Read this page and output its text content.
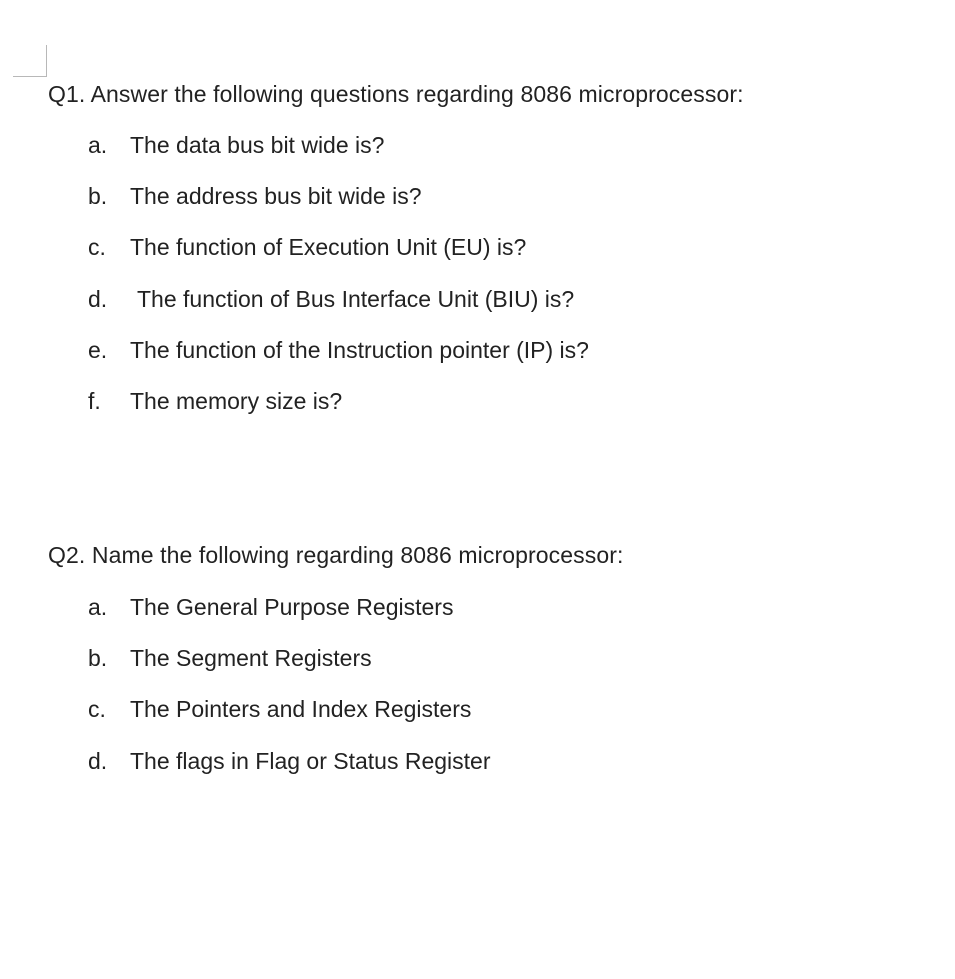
Q1. Answer the following questions regarding 8086 microprocessor:
a. The data bus bit wide is?
b. The address bus bit wide is?
c. The function of Execution Unit (EU) is?
d. The function of Bus Interface Unit (BIU) is?
e. The function of the Instruction pointer (IP) is?
f. The memory size is?
Q2. Name the following regarding 8086 microprocessor:
a. The General Purpose Registers
b. The Segment Registers
c. The Pointers and Index Registers
d. The flags in Flag or Status Register
